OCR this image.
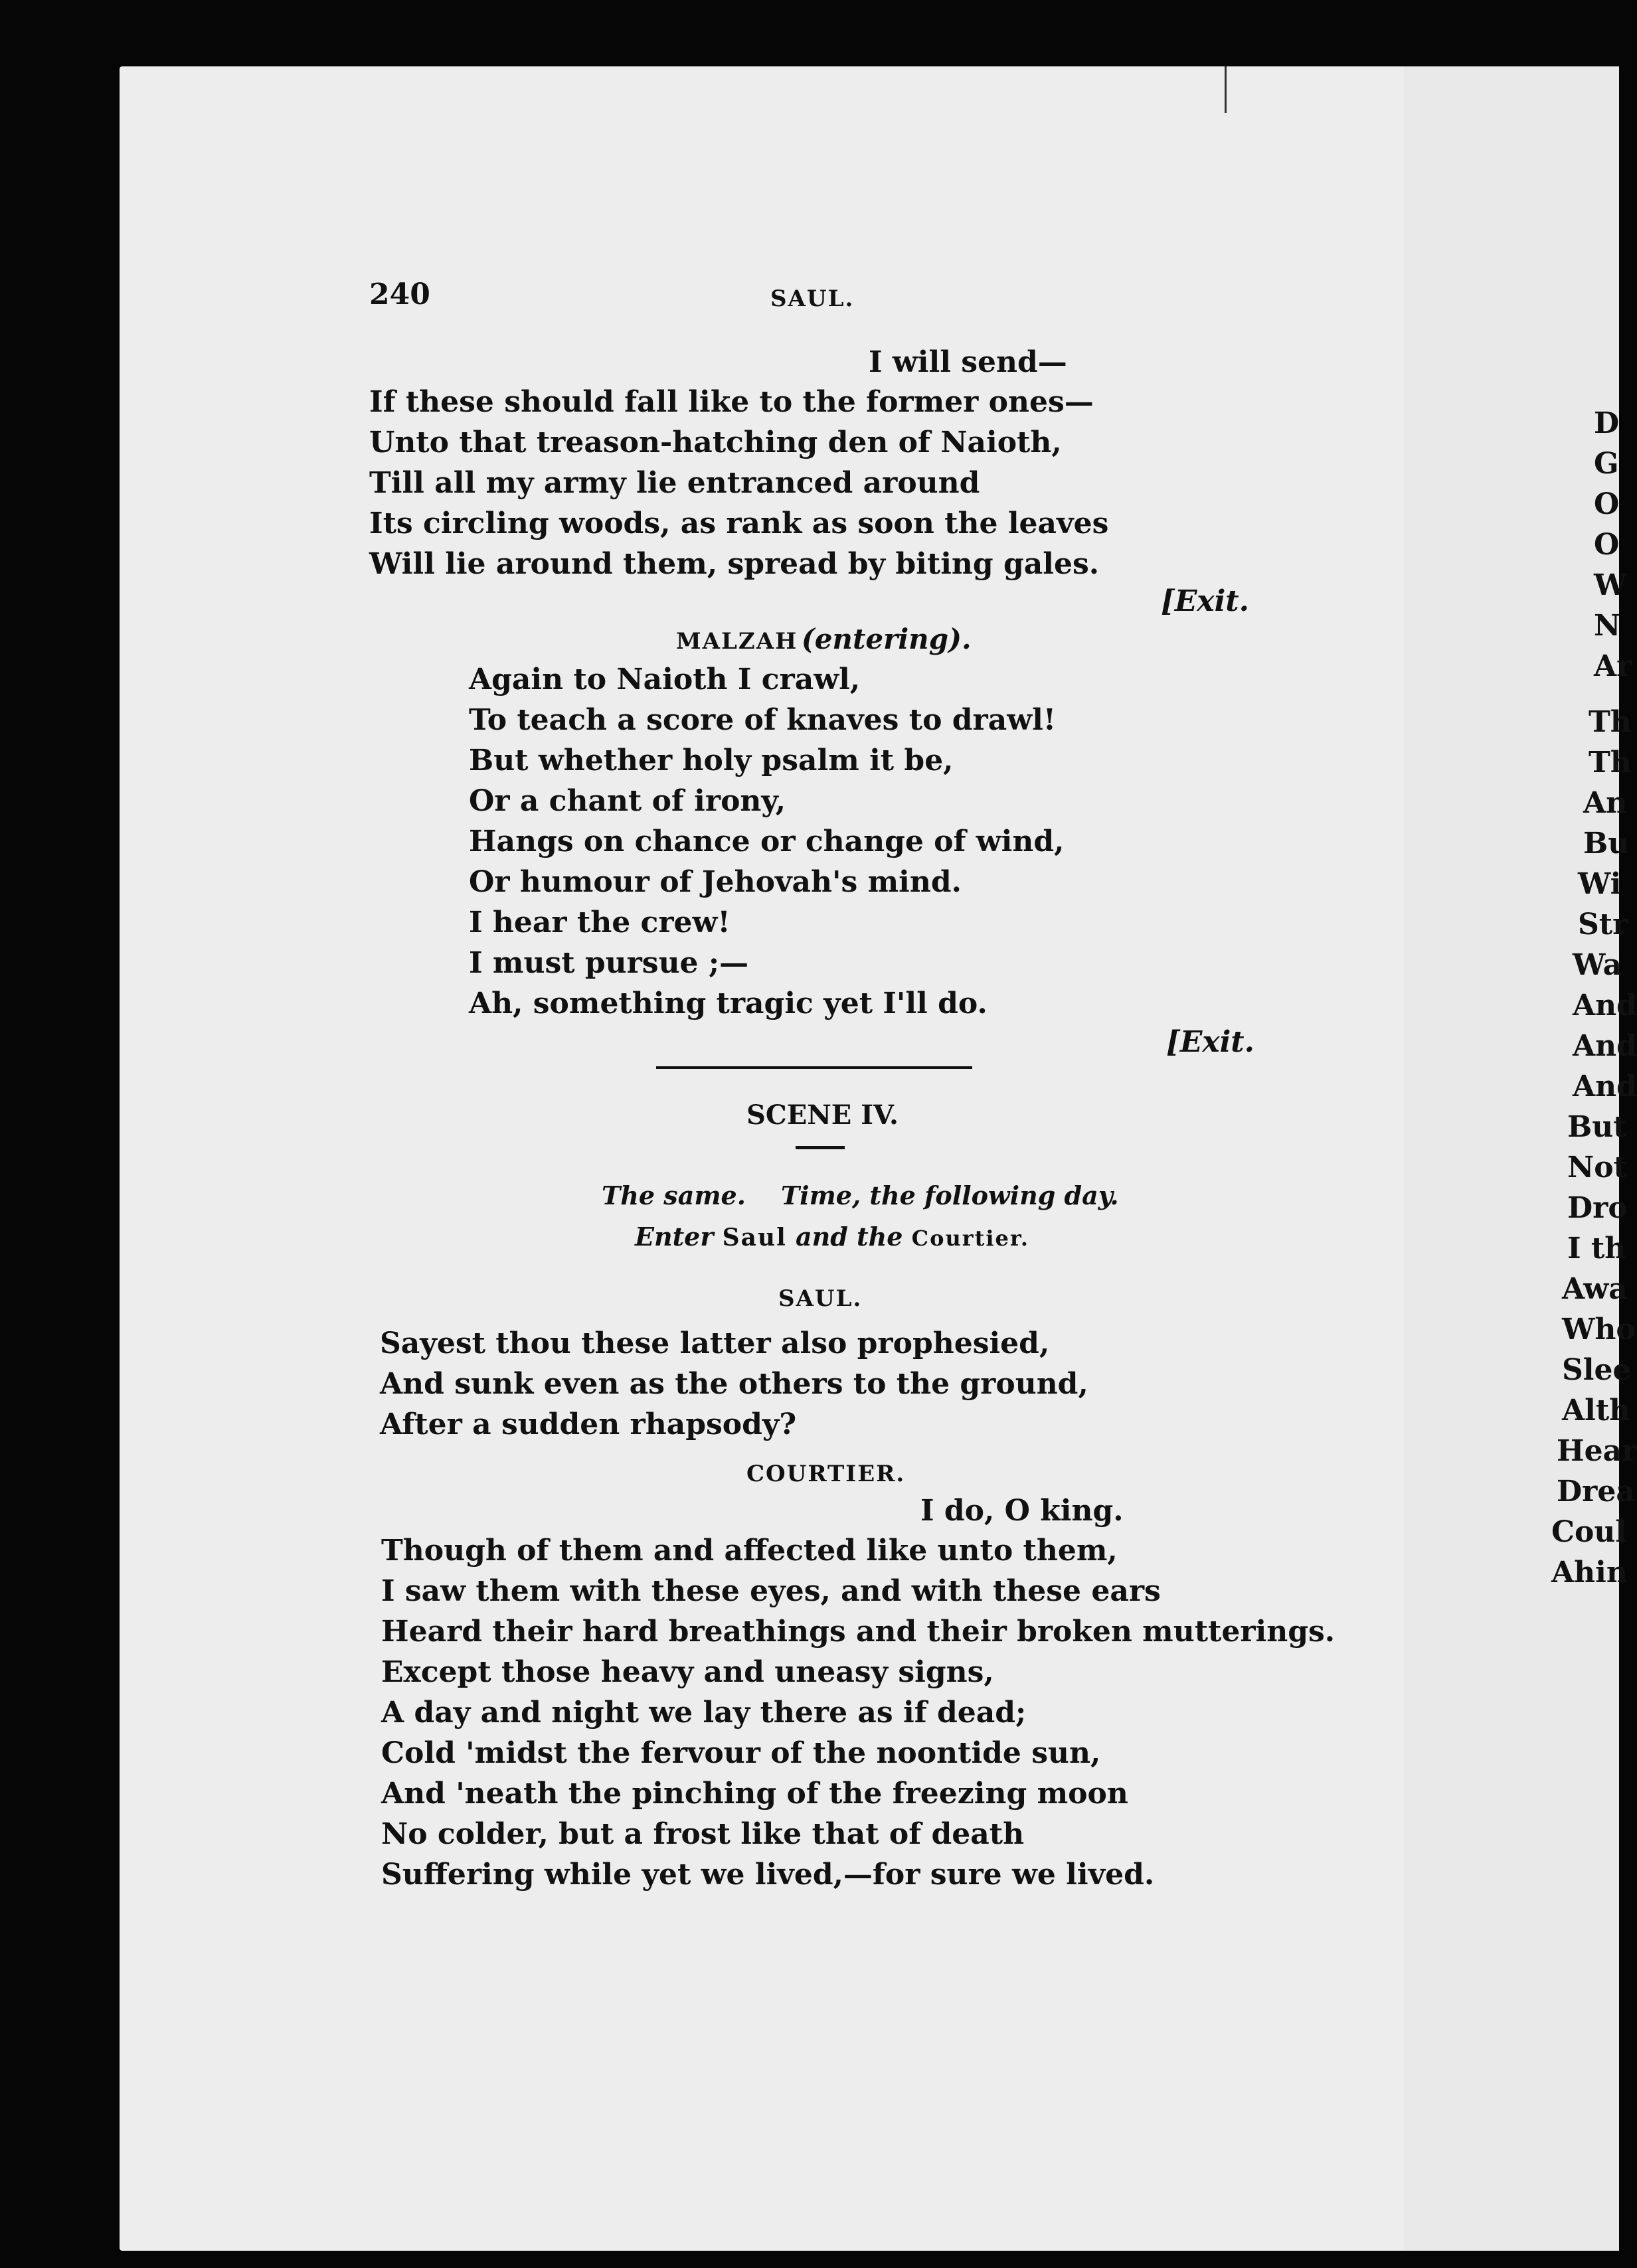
240	SAUL.
I will send—
If these should fall like to the former ones—
Unto that treason-hatching den of Naioth,
Till all my army lie entranced around
Its circling woods, as rank as soon the leaves
Will lie around them, spread by biting gales.
[Exit.
MALZAH (entering).
Again to Naioth I crawl,
To teach a score of knaves to drawl!
But whether holy psalm it be,
Or a chant of irony,
Hangs on chance or change of wind,
Or humour of Jehovah's mind.
I hear the crew!
I must pursue ;—
Ah, something tragic yet I'll do.
[Exit.
SCENE IV.
The same. Time, the following day.
Enter Saul and the Courtier.
SAUL.
Sayest thou these latter also prophesied,
And sunk even as the others to the ground,
After a sudden rhapsody?
COURTIER.
I do, O king.
Though of them and affected like unto them,
I saw them with these eyes, and with these ears
Heard their hard breathings and their broken mutterings.
Except those heavy and uneasy signs,
A day and night we lay there as if dead;
Cold 'midst the fervour of the noontide sun,
And 'neath the pinching of the freezing moon
No colder, but a frost like that of death
Suffering while yet we lived,—for sure we lived.
D
G
O
O
W
N
Ar
Th
Th
An
Bu
Wi
Str
Wa
And
And
And
But
Not
Dro
I th
Awa
Who
Slee
Alth
Hear
Drea
Coul
Ahin
